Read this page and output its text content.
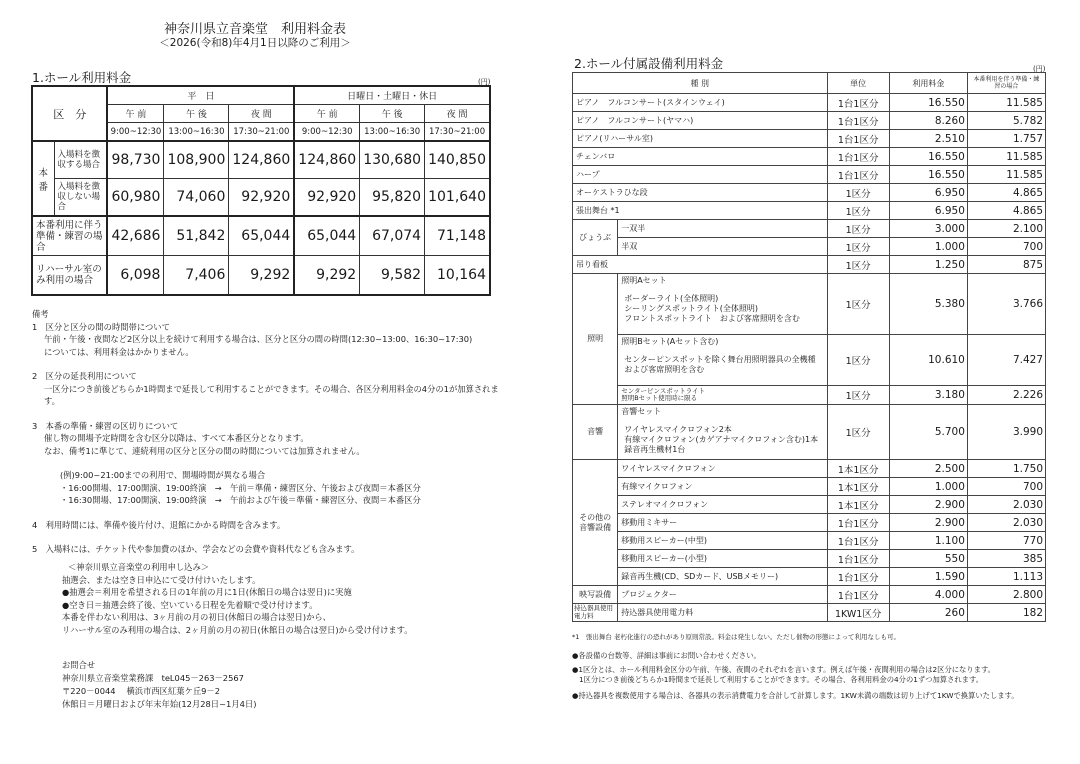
神奈川県立音楽堂　利用料金表
＜2026(令和8)年4月1日以降のご利用＞
1.ホール利用料金	(円)
区　分		平　日			日曜日・土曜日・休日		
		午 前	午 後	夜 間	午 前	午 後	夜 間
		9:00~12:30	13:00~16:30	17:30~21:00	9:00~12:30	13:00~16:30	17:30~21:00
本番	入場料を徴収する場合	98,730	108,900	124,860	124,860	130,680	140,850
	入場料を徴収しない場合	60,980	74,060	92,920	92,920	95,820	101,640
本番利用に伴う準備・練習の場合		42,686	51,842	65,044	65,044	67,074	71,148
リハーサル室のみ利用の場合		6,098	7,406	9,292	9,292	9,582	10,164

備考

1　区分と区分の間の時間帯について

午前・午後・夜間など2区分以上を続けて利用する場合は、区分と区分の間の時間(12:30~13:00、16:30~17:30)

については、利用料金はかかりません。

2　区分の延長利用について

一区分につき前後どちらか1時間まで延長して利用することができます。その場合、各区分利用料金の4分の1が加算されます。

3　本番の準備・練習の区切りについて

催し物の開場予定時間を含む区分以降は、すべて本番区分となります。

なお、備考1に準じて、連続利用の区分と区分の間の時間については加算されません。

(例)9:00~21:00までの利用で、開場時間が異なる場合

・16:00開場、17:00開演、19:00終演　→　午前＝準備・練習区分、午後および夜間＝本番区分

・16:30開場、17:00開演、19:00終演　→　午前および午後＝準備・練習区分、夜間＝本番区分

4　利用時間には、準備や後片付け、退館にかかる時間を含みます。

5　入場料には、チケット代や参加費のほか、学会などの会費や資料代なども含みます。

＜神奈川県立音楽堂の利用申し込み＞

抽選会、または空き日申込にて受け付けいたします。

●抽選会＝利用を希望される日の1年前の月に1日(休館日の場合は翌日)に実施

●空き日＝抽選会終了後、空いている日程を先着順で受け付けます。

本番を伴わない利用は、3ヶ月前の月の初日(休館日の場合は翌日)から、

リハーサル室のみ利用の場合は、2ヶ月前の月の初日(休館日の場合は翌日)から受け付けます。

お問合せ

神奈川県立音楽堂業務課　teL045－263－2567

〒220－0044　 横浜市西区紅葉ケ丘9－2

休館日＝月曜日および年末年始(12月28日~1月4日)

2.ホール付属設備利用料金	(円)
種 別		単位	利用料金	本番利用を伴う準備・練習の場合
ピアノ　フルコンサート(スタインウェイ)		1台1区分	16.550	11.585
ピアノ　フルコンサート(ヤマハ)		1台1区分	8.260	5.782
ピアノ(リハーサル室)		1台1区分	2.510	1.757
チェンバロ		1台1区分	16.550	11.585
ハープ		1台1区分	16.550	11.585
オーケストラひな段		1区分	6.950	4.865
張出舞台 *1		1区分	6.950	4.865
びょうぶ	一双半	1区分	3.000	2.100
	半双	1区分	1.000	700
吊り看板		1区分	1.250	875
照明	照明Aセット
ボーダーライト(全体照明)
シーリングスポットライト(全体照明)
フロントスポットライト　および客席照明を含む	1区分	5.380	3.766

	照明Bセット(Aセット含む)
センターピンスポットを除く舞台用照明器具の全機種
および客席照明を含む	1区分	10.610	7.427

	センターピンスポットライト
照明Bセット使用時に限る	1区分	3.180	2.226
音響	音響セット
ワイヤレスマイクロフォン2本
有線マイクロフォン(カゲアナマイクロフォン含む)1本
録音再生機材1台	1区分	5.700	3.990
その他の音響設備	ワイヤレスマイクロフォン	1本1区分	2.500	1.750
	有線マイクロフォン	1本1区分	1.000	700
	ステレオマイクロフォン	1本1区分	2.900	2.030
	移動用ミキサー	1台1区分	2.900	2.030
	移動用スピーカー(中型)	1台1区分	1.100	770
	移動用スピーカー(小型)	1台1区分	550	385
	録音再生機(CD、SDカード、USBメモリー)	1台1区分	1.590	1.113
映写設備	プロジェクター	1台1区分	4.000	2.800
持込器具使用電力料	持込器具使用電力料	1KW1区分	260	182

*1　張出舞台 老朽化進行の恐れがあり原則常設。料金は発生しない。ただし催物の形態によって利用なしも可。

●各設備の台数等、詳細は事前にお問い合わせください。

●1区分とは、ホール利用料金区分の午前、午後、夜間のそれぞれを言います。例えば午後・夜間利用の場合は2区分になります。

1区分につき前後どちらか1時間まで延長して利用することができます。その場合、各利用料金の4分の1ずつ加算されます。

●持込器具を複数使用する場合は、各器具の表示消費電力を合計して計算します。1KW未満の端数は切り上げて1KWで換算いたします。
